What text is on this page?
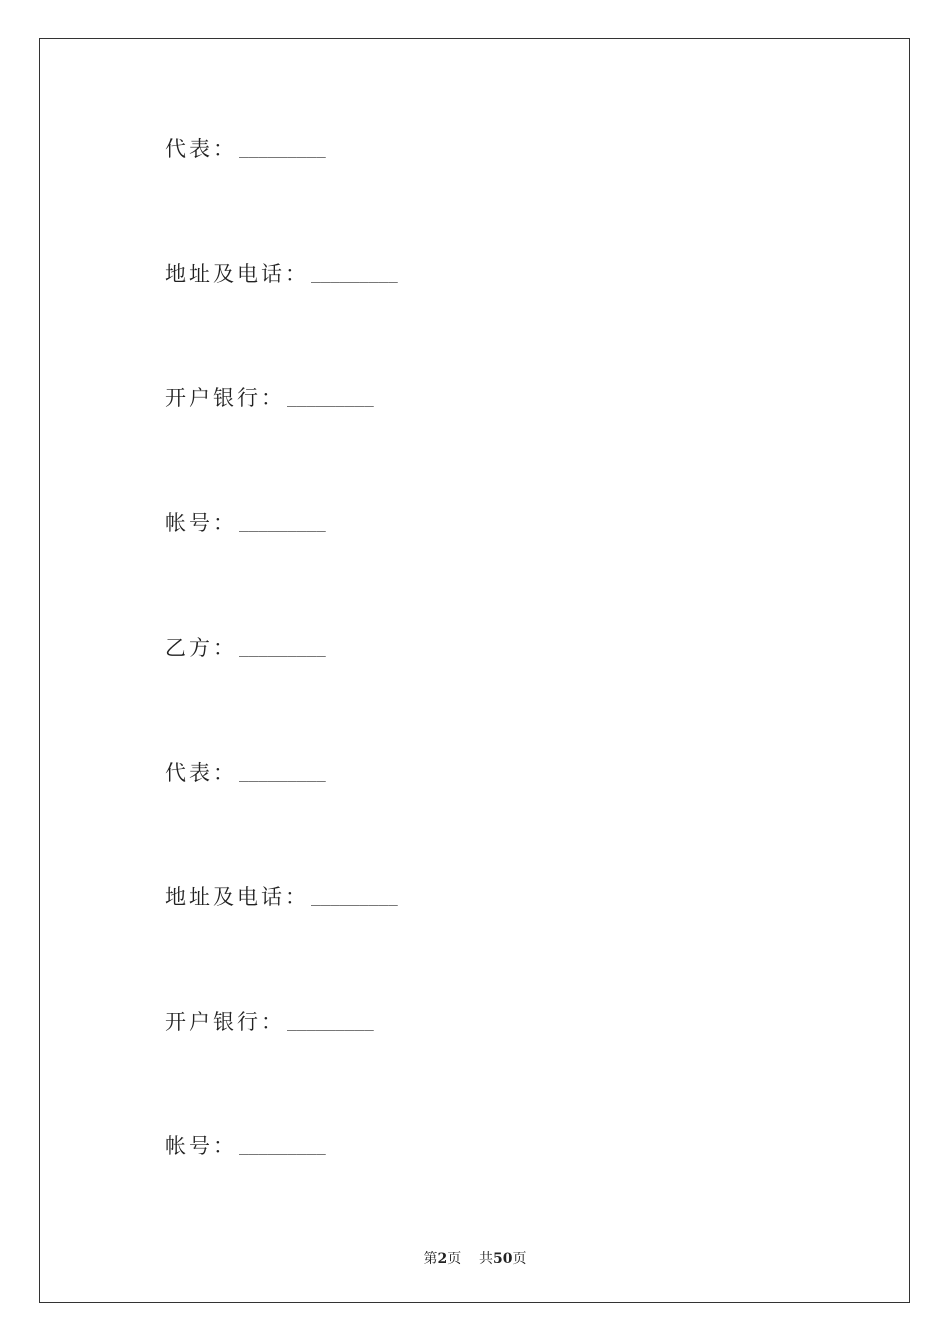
代表： _________
地址及电话： _________
开户银行： _________
帐号： _________
乙方： _________
代表： _________
地址及电话： _________
开户银行： _________
帐号： _________
第2页 共50页
